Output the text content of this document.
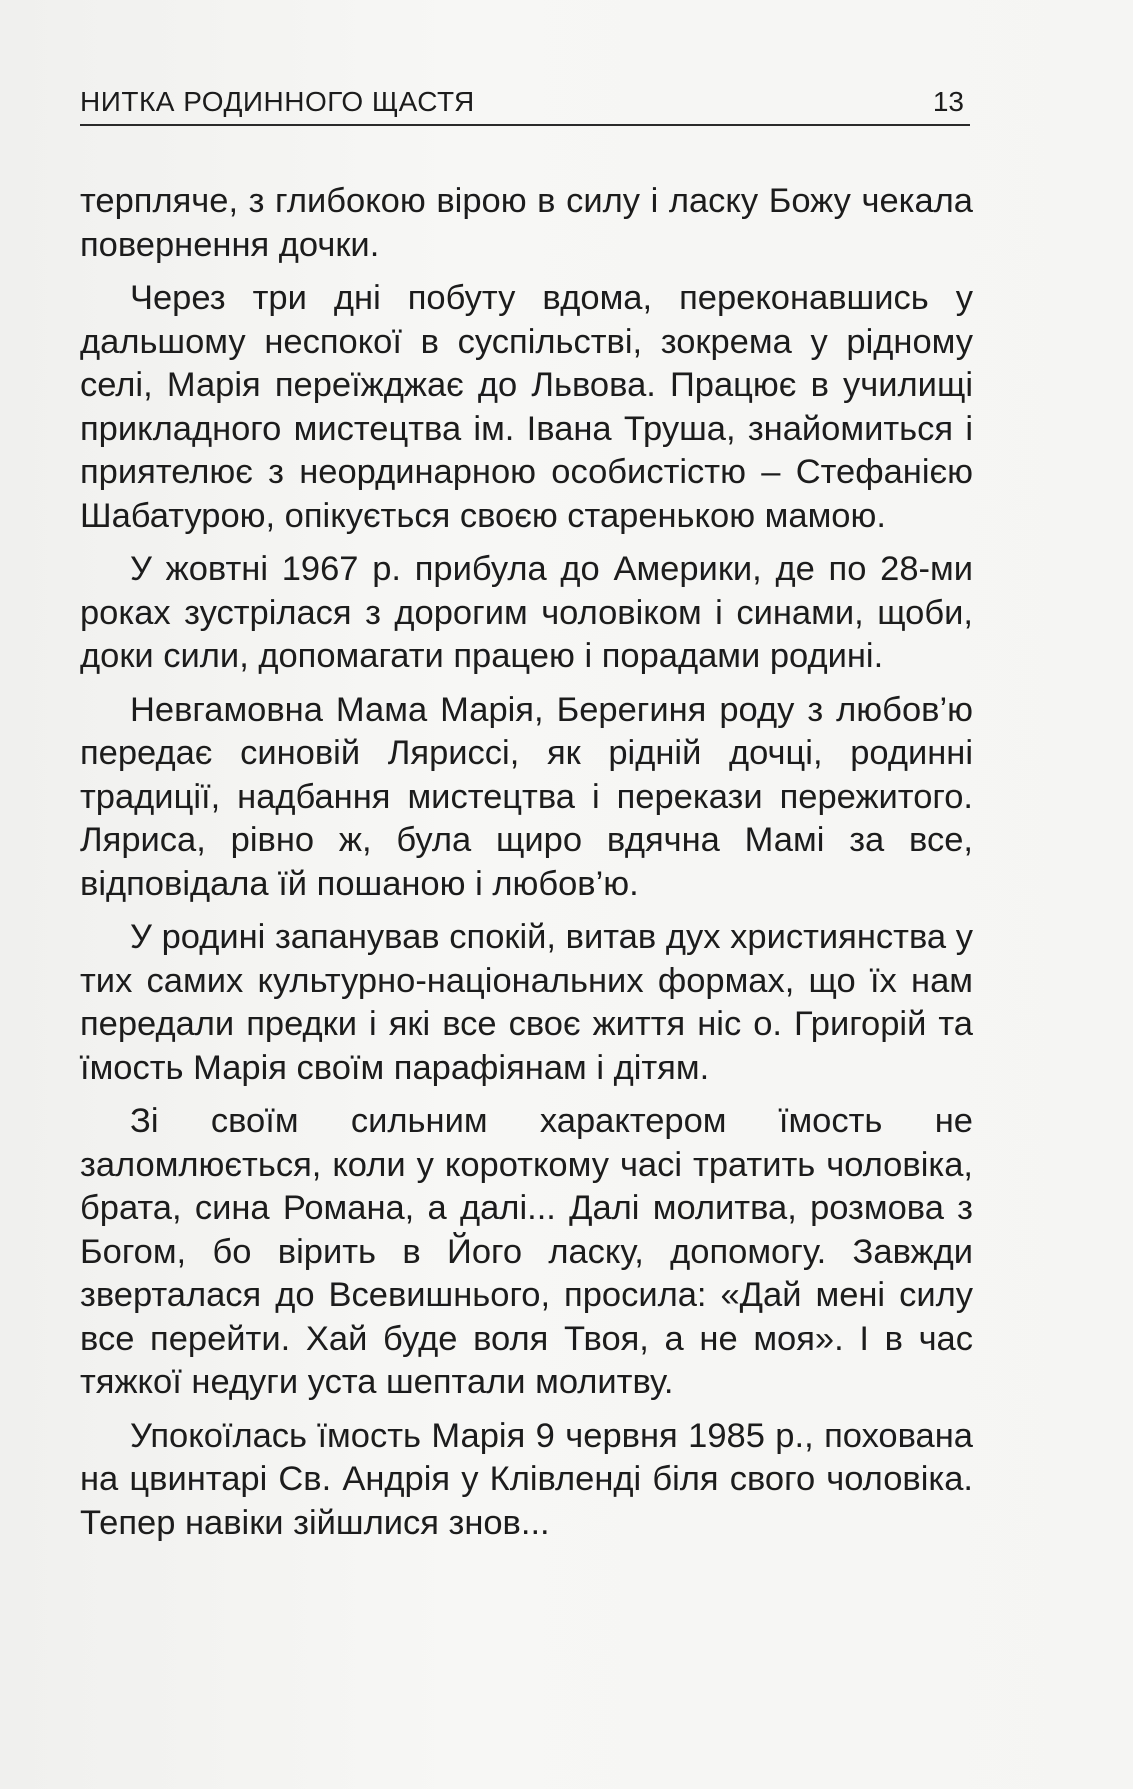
НИТКА РОДИННОГО ЩАСТЯ	13

терпляче, з глибокою вірою в силу і ласку Божу чекала повернення дочки.

Через три дні побуту вдома, переконавшись у дальшому неспокої в суспільстві, зокрема у рідному селі, Марія переїжджає до Львова. Працює в училищі прикладного мистецтва ім. Івана Труша, знайомиться і приятелює з неординарною особистістю – Стефанією Шабатурою, опікується своєю старенькою мамою.

У жовтні 1967 р. прибула до Америки, де по 28-ми роках зустрілася з дорогим чоловіком і синами, щоби, доки сили, допомагати працею і порадами родині.

Невгамовна Мама Марія, Берегиня роду з любов’ю передає синовій Ляриссі, як рідній дочці, родинні традиції, надбання мистецтва і перекази пережитого. Ляриса, рівно ж, була щиро вдячна Мамі за все, відповідала їй пошаною і любов’ю.

У родині запанував спокій, витав дух християнства у тих самих культурно-національних формах, що їх нам передали предки і які все своє життя ніс о. Григорій та їмость Марія своїм парафіянам і дітям.

Зі своїм сильним характером їмость не заломлюється, коли у короткому часі тратить чоловіка, брата, сина Романа, а далі... Далі молитва, розмова з Богом, бо вірить в Його ласку, допомогу. Завжди зверталася до Всевишнього, просила: «Дай мені силу все перейти. Хай буде воля Твоя, а не моя». І в час тяжкої недуги уста шептали молитву.

Упокоїлась їмость Марія 9 червня 1985 р., похована на цвинтарі Св. Андрія у Клівленді біля свого чоловіка. Тепер навіки зійшлися знов...
